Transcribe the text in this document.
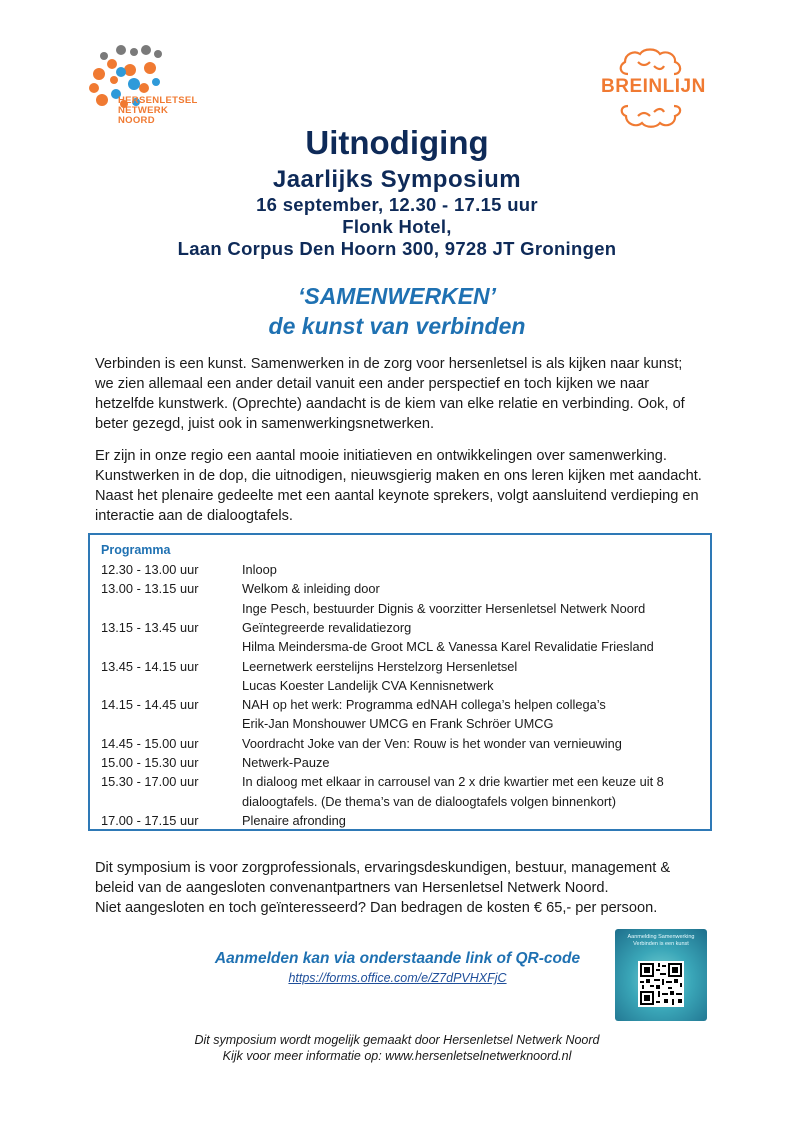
HERSENLETSEL
NETWERK
NOORD
BREINLIJN
Uitnodiging
Jaarlijks Symposium
16 september, 12.30 - 17.15 uur
Flonk Hotel,
Laan Corpus Den Hoorn 300, 9728 JT Groningen
‘SAMENWERKEN’
de kunst van verbinden
Verbinden is een kunst. Samenwerken in de zorg voor hersenletsel is als kijken naar kunst; we zien allemaal een ander detail vanuit een ander perspectief en toch kijken we naar hetzelfde kunstwerk. (Oprechte) aandacht is de kiem van elke relatie en verbinding. Ook, of beter gezegd, juist ook in samenwerkingsnetwerken.
Er zijn in onze regio een aantal mooie initiatieven en ontwikkelingen over samenwerking. Kunstwerken in de dop, die uitnodigen, nieuwsgierig maken en ons leren kijken met aandacht. Naast het plenaire gedeelte met een aantal keynote sprekers, volgt aansluitend verdieping en interactie aan de dialoogtafels.
Programma
12.30 - 13.00 uur	Inloop
13.00 - 13.15 uur	Welkom & inleiding door
Inge Pesch, bestuurder Dignis & voorzitter Hersenletsel Netwerk Noord
13.15 - 13.45 uur	Geïntegreerde revalidatiezorg
Hilma Meindersma-de Groot MCL & Vanessa Karel Revalidatie Friesland
13.45 - 14.15 uur	Leernetwerk eerstelijns Herstelzorg Hersenletsel
Lucas Koester Landelijk CVA Kennisnetwerk
14.15 - 14.45 uur	NAH op het werk: Programma edNAH collega’s helpen collega’s
Erik-Jan Monshouwer UMCG en Frank Schröer UMCG
14.45 - 15.00 uur	Voordracht Joke van der Ven: Rouw is het wonder van vernieuwing
15.00 - 15.30 uur	Netwerk-Pauze
15.30 - 17.00 uur	In dialoog met elkaar in carrousel van 2 x drie kwartier met een keuze uit 8
dialoogtafels. (De thema’s van de dialoogtafels volgen binnenkort)
17.00 - 17.15 uur	Plenaire afronding
Dit symposium is voor zorgprofessionals, ervaringsdeskundigen, bestuur, management & beleid van de aangesloten convenantpartners van Hersenletsel Netwerk Noord.
Niet aangesloten en toch geïnteresseerd? Dan bedragen de kosten € 65,- per persoon.
Aanmelden kan via onderstaande link of QR-code
https://forms.office.com/e/Z7dPVHXFjC
Aanmelding Samenwerking
Verbinden is een kunst
Dit symposium wordt mogelijk gemaakt door Hersenletsel Netwerk Noord
Kijk voor meer informatie op: www.hersenletselnetwerknoord.nl
